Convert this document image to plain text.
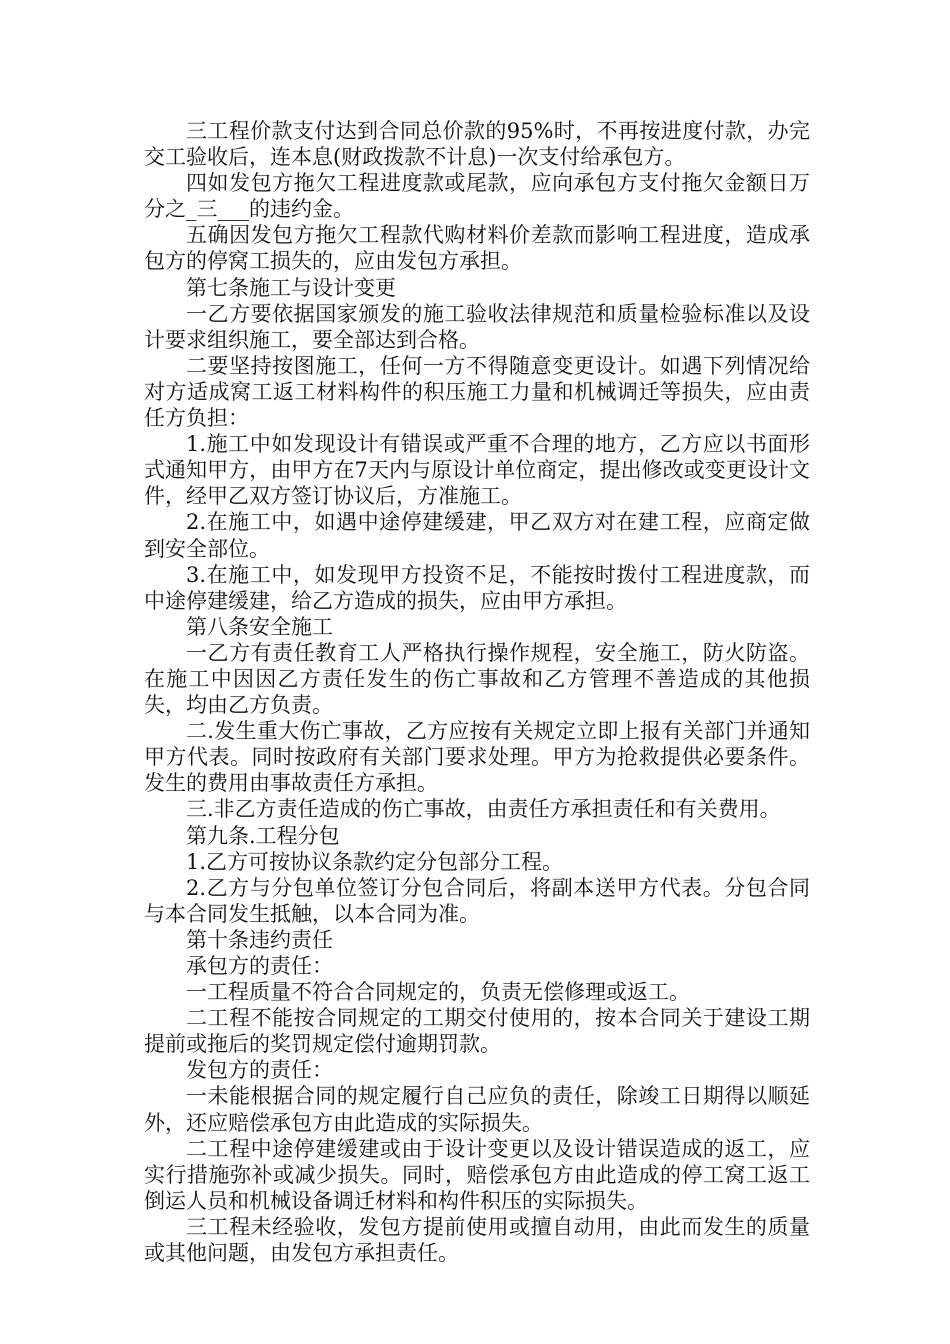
三工程价款支付达到合同总价款的95%时，不再按进度付款，办完交工验收后，连本息(财政拨款不计息)一次支付给承包方。

四如发包方拖欠工程进度款或尾款，应向承包方支付拖欠金额日万分之_三___的违约金。

五确因发包方拖欠工程款代购材料价差款而影响工程进度，造成承包方的停窝工损失的，应由发包方承担。

第七条施工与设计变更

一乙方要依据国家颁发的施工验收法律规范和质量检验标准以及设计要求组织施工，要全部达到合格。

二要坚持按图施工，任何一方不得随意变更设计。如遇下列情况给对方适成窝工返工材料构件的积压施工力量和机械调迁等损失，应由责任方负担：

1.施工中如发现设计有错误或严重不合理的地方，乙方应以书面形式通知甲方，由甲方在7天内与原设计单位商定，提出修改或变更设计文件，经甲乙双方签订协议后，方准施工。

2.在施工中，如遇中途停建缓建，甲乙双方对在建工程，应商定做到安全部位。

3.在施工中，如发现甲方投资不足，不能按时拨付工程进度款，而中途停建缓建，给乙方造成的损失，应由甲方承担。

第八条安全施工

一乙方有责任教育工人严格执行操作规程，安全施工，防火防盗。在施工中因因乙方责任发生的伤亡事故和乙方管理不善造成的其他损失，均由乙方负责。

二.发生重大伤亡事故，乙方应按有关规定立即上报有关部门并通知甲方代表。同时按政府有关部门要求处理。甲方为抢救提供必要条件。发生的费用由事故责任方承担。

三.非乙方责任造成的伤亡事故，由责任方承担责任和有关费用。

第九条.工程分包

1.乙方可按协议条款约定分包部分工程。

2.乙方与分包单位签订分包合同后，将副本送甲方代表。分包合同与本合同发生抵触，以本合同为准。

第十条违约责任

承包方的责任：

一工程质量不符合合同规定的，负责无偿修理或返工。

二工程不能按合同规定的工期交付使用的，按本合同关于建设工期提前或拖后的奖罚规定偿付逾期罚款。

发包方的责任：

一未能根据合同的规定履行自己应负的责任，除竣工日期得以顺延外，还应赔偿承包方由此造成的实际损失。

二工程中途停建缓建或由于设计变更以及设计错误造成的返工，应实行措施弥补或减少损失。同时，赔偿承包方由此造成的停工窝工返工倒运人员和机械设备调迁材料和构件积压的实际损失。

三工程未经验收，发包方提前使用或擅自动用，由此而发生的质量或其他问题，由发包方承担责任。
